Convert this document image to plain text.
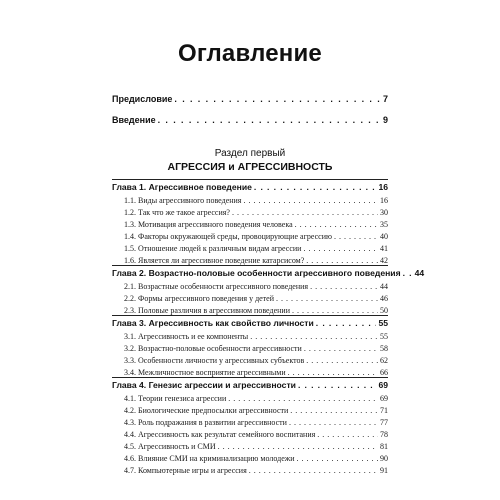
Оглавление
Предисловие . . .	7
Введение . . .	9
Раздел первый
АГРЕССИЯ и АГРЕССИВНОСТЬ
Глава 1. Агрессивное поведение . . .	16
1.1. Виды агрессивного поведения . . .	16
1.2. Так что же такое агрессия? . . .	30
1.3. Мотивация агрессивного поведения человека . . .	35
1.4. Факторы окружающей среды, провоцирующие агрессию . . .	40
1.5. Отношение людей к различным видам агрессии . . .	41
1.6. Является ли агрессивное поведение катарсисом? . . .	42
Глава 2. Возрастно-половые особенности агрессивного поведения . . . 44
2.1. Возрастные особенности агрессивного поведения . . .	44
2.2. Формы агрессивного поведения у детей . . .	46
2.3. Половые различия в агрессивном поведении . . .	50
Глава 3. Агрессивность как свойство личности . . .	55
3.1. Агрессивность и ее компоненты . . .	55
3.2. Возрастно-половые особенности агрессивности . . .	58
3.3. Особенности личности у агрессивных субъектов . . .	62
3.4. Межличностное восприятие агрессивными . . .	66
Глава 4. Генезис агрессии и агрессивности . . .	69
4.1. Теории генезиса агрессии . . .	69
4.2. Биологические предпосылки агрессивности . . .	71
4.3. Роль подражания в развитии агрессивности . . .	77
4.4. Агрессивность как результат семейного воспитания . . .	78
4.5. Агрессивность и СМИ . . .	81
4.6. Влияние СМИ на криминализацию молодежи . . .	90
4.7. Компьютерные игры и агрессия . . .	91
